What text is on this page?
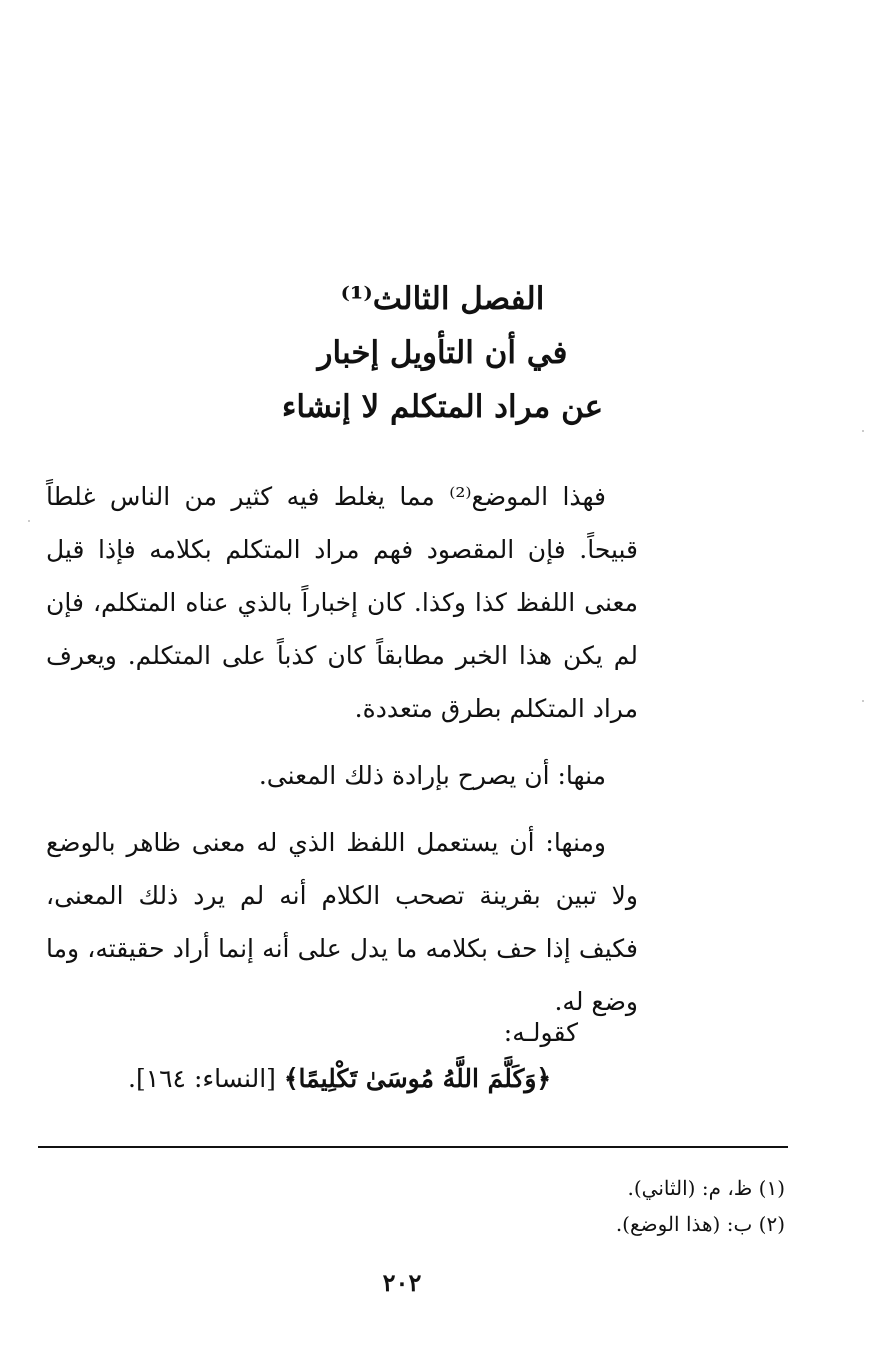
الفصل الثالث⁽¹⁾
في أن التأويل إخبار
عن مراد المتكلم لا إنشاء

فهذا الموضع⁽²⁾ مما يغلط فيه كثير من الناس غلطاً قبيحاً. فإن المقصود فهم مراد المتكلم بكلامه فإذا قيل معنى اللفظ كذا وكذا. كان إخباراً بالذي عناه المتكلم، فإن لم يكن هذا الخبر مطابقاً كان كذباً على المتكلم. ويعرف مراد المتكلم بطرق متعددة.

منها: أن يصرح بإرادة ذلك المعنى.

ومنها: أن يستعمل اللفظ الذي له معنى ظاهر بالوضع ولا تبين بقرينة تصحب الكلام أنه لم يرد ذلك المعنى، فكيف إذا حف بكلامه ما يدل على أنه إنما أراد حقيقته، وما وضع له.

كقولـه:
﴿وَكَلَّمَ اللَّهُ مُوسَىٰ تَكْلِيمًا﴾ [النساء: ١٦٤].
(١) ظ، م: (الثاني).
(٢) ب: (هذا الوضع).
٢٠٢
